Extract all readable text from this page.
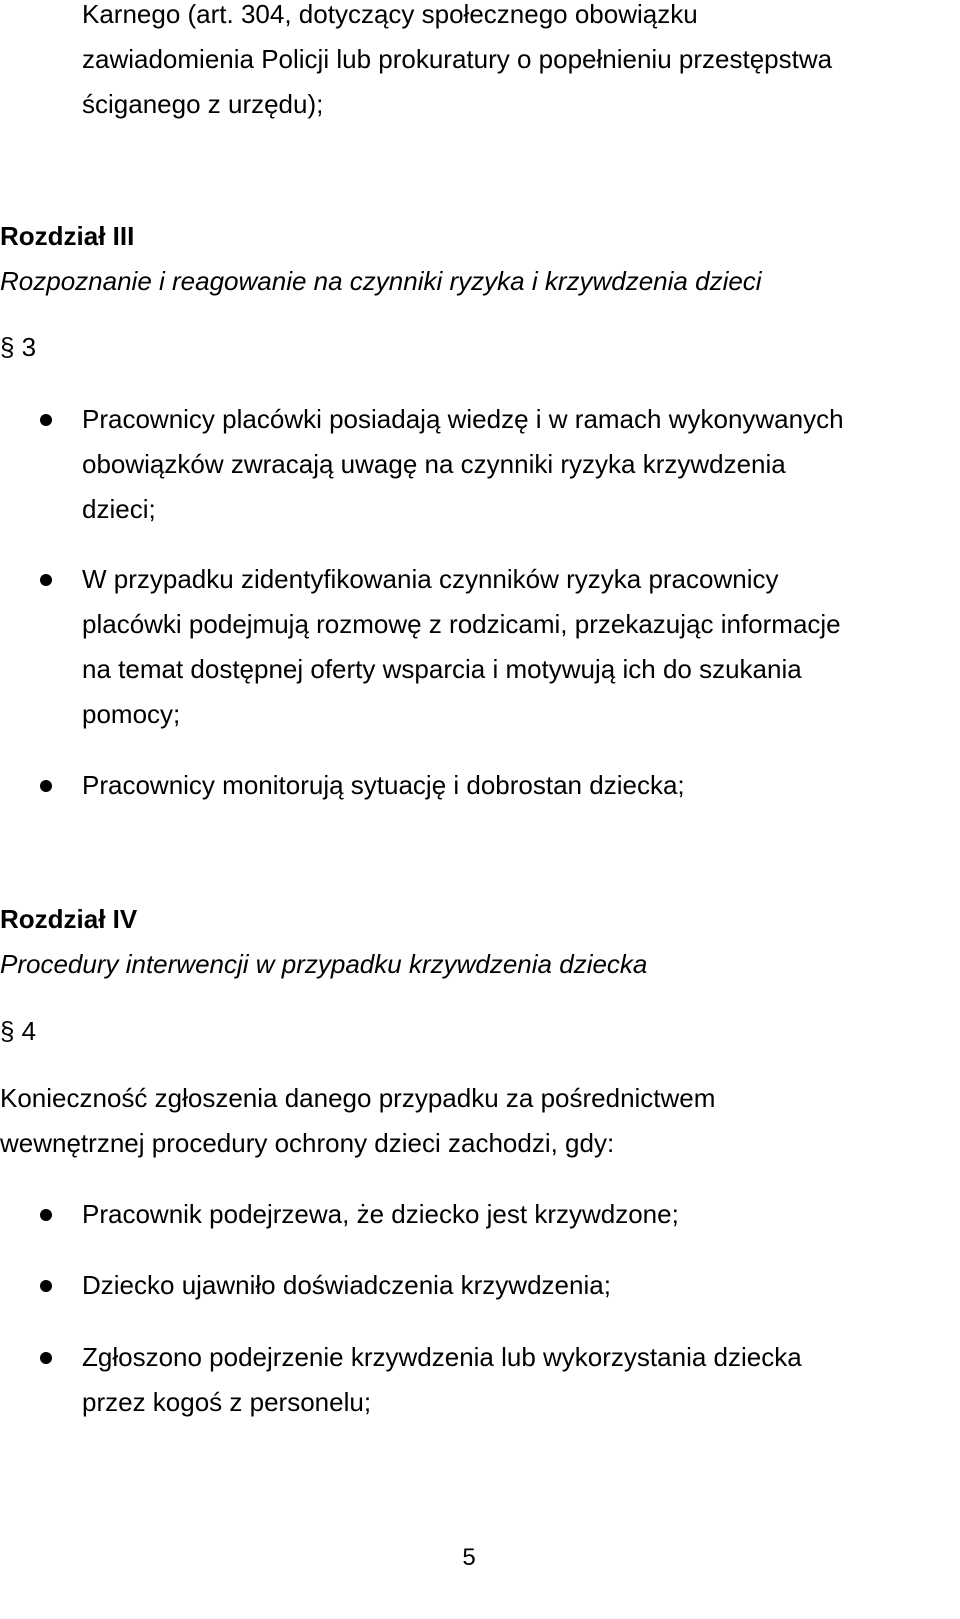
Karnego (art. 304, dotyczący społecznego obowiązku
zawiadomienia Policji lub prokuratury o popełnieniu przestępstwa
ściganego z urzędu);

Rozdział III
Rozpoznanie i reagowanie na czynniki ryzyka i krzywdzenia dzieci
§ 3
Pracownicy placówki posiadają wiedzę i w ramach wykonywanych
obowiązków zwracają uwagę na czynniki ryzyka krzywdzenia
dzieci;
W przypadku zidentyfikowania czynników ryzyka pracownicy
placówki podejmują rozmowę z rodzicami, przekazując informacje
na temat dostępnej oferty wsparcia i motywują ich do szukania
pomocy;
Pracownicy monitorują sytuację i dobrostan dziecka;
Rozdział IV
Procedury interwencji w przypadku krzywdzenia dziecka
§ 4

Konieczność zgłoszenia danego przypadku za pośrednictwem
wewnętrznej procedury ochrony dzieci zachodzi, gdy:

Pracownik podejrzewa, że dziecko jest krzywdzone;
Dziecko ujawniło doświadczenia krzywdzenia;
Zgłoszono podejrzenie krzywdzenia lub wykorzystania dziecka
przez kogoś z personelu;
5
